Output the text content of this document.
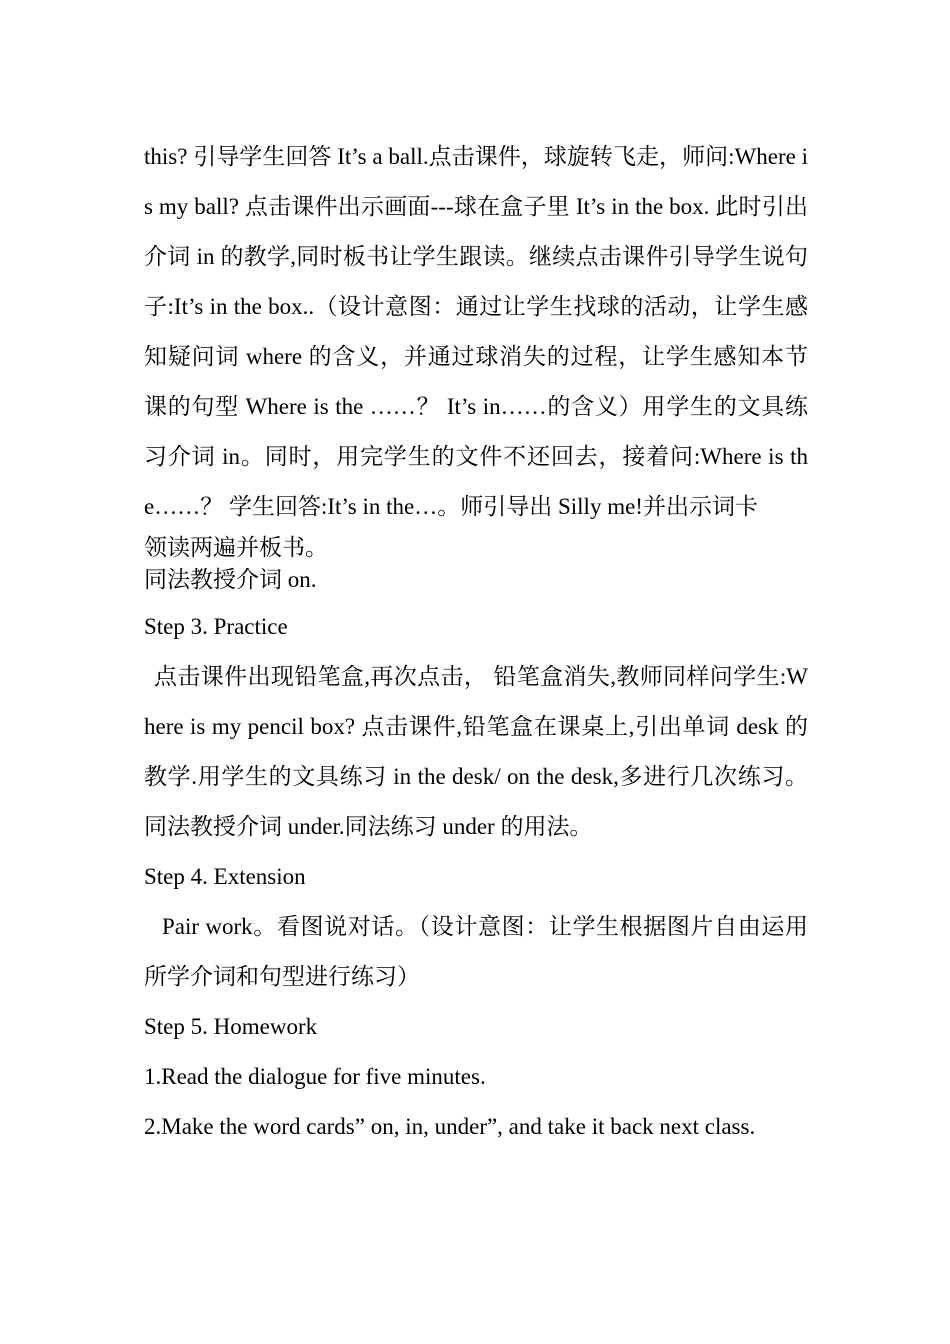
this? 引导学生回答 It’s a ball.点击课件，球旋转飞走，师问:Where is my ball? 点击课件出示画面---球在盒子里 It’s in the box. 此时引出介词 in 的教学,同时板书让学生跟读。继续点击课件引导学生说句子:It’s in the box..（设计意图：通过让学生找球的活动，让学生感知疑问词 where 的含义，并通过球消失的过程，让学生感知本节课的句型 Where is the ……？ It’s in……的含义）用学生的文具练习介词 in。同时，用完学生的文件不还回去，接着问:Where is the……？ 学生回答:It’s in the…。师引导出 Silly me!并出示词卡

领读两遍并板书。

同法教授介词 on.

Step 3. Practice

点击课件出现铅笔盒,再次点击， 铅笔盒消失,教师同样问学生:Where is my pencil box? 点击课件,铅笔盒在课桌上,引出单词 desk 的教学.用学生的文具练习 in the desk/ on the desk,多进行几次练习。同法教授介词 under.同法练习 under 的用法。

Step 4. Extension

Pair work。看图说对话。（设计意图：让学生根据图片自由运用所学介词和句型进行练习）

Step 5. Homework

1.Read the dialogue for five minutes.

2.Make the word cards” on, in, under”, and take it back next class.
